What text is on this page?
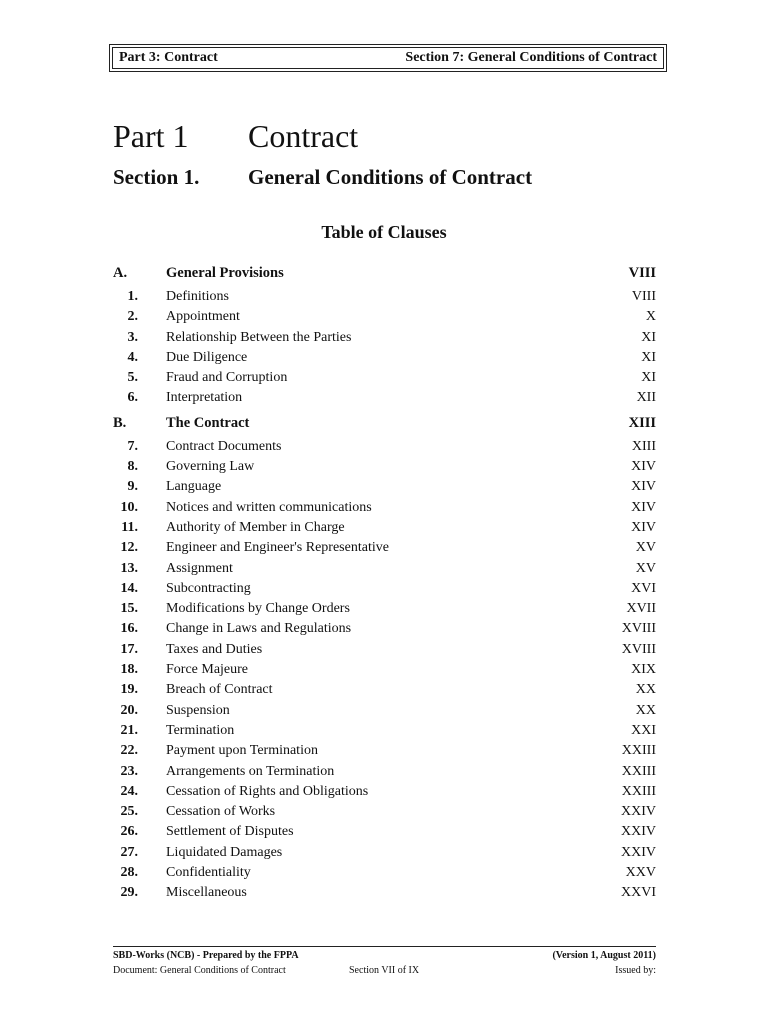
Part 3: Contract	Section 7: General Conditions of Contract
Part 1	Contract
Section 1.	General Conditions of Contract
Table of Clauses
A.	General Provisions	VIII
1. Definitions	VIII
2. Appointment	X
3. Relationship Between the Parties	XI
4. Due Diligence	XI
5. Fraud and Corruption	XI
6. Interpretation	XII
B.	The Contract	XIII
7. Contract Documents	XIII
8. Governing Law	XIV
9. Language	XIV
10. Notices and written communications	XIV
11. Authority of Member in Charge	XIV
12. Engineer and Engineer's Representative	XV
13. Assignment	XV
14. Subcontracting	XVI
15. Modifications by Change Orders	XVII
16. Change in Laws and Regulations	XVIII
17. Taxes and Duties	XVIII
18. Force Majeure	XIX
19. Breach of Contract	XX
20. Suspension	XX
21. Termination	XXI
22. Payment upon Termination	XXIII
23. Arrangements on Termination	XXIII
24. Cessation of Rights and Obligations	XXIII
25. Cessation of Works	XXIV
26. Settlement of Disputes	XXIV
27. Liquidated Damages	XXIV
28. Confidentiality	XXV
29. Miscellaneous	XXVI
SBD-Works (NCB) - Prepared by the FPPA	(Version 1, August 2011)
Document: General Conditions of Contract	Section VII of IX	Issued by:
